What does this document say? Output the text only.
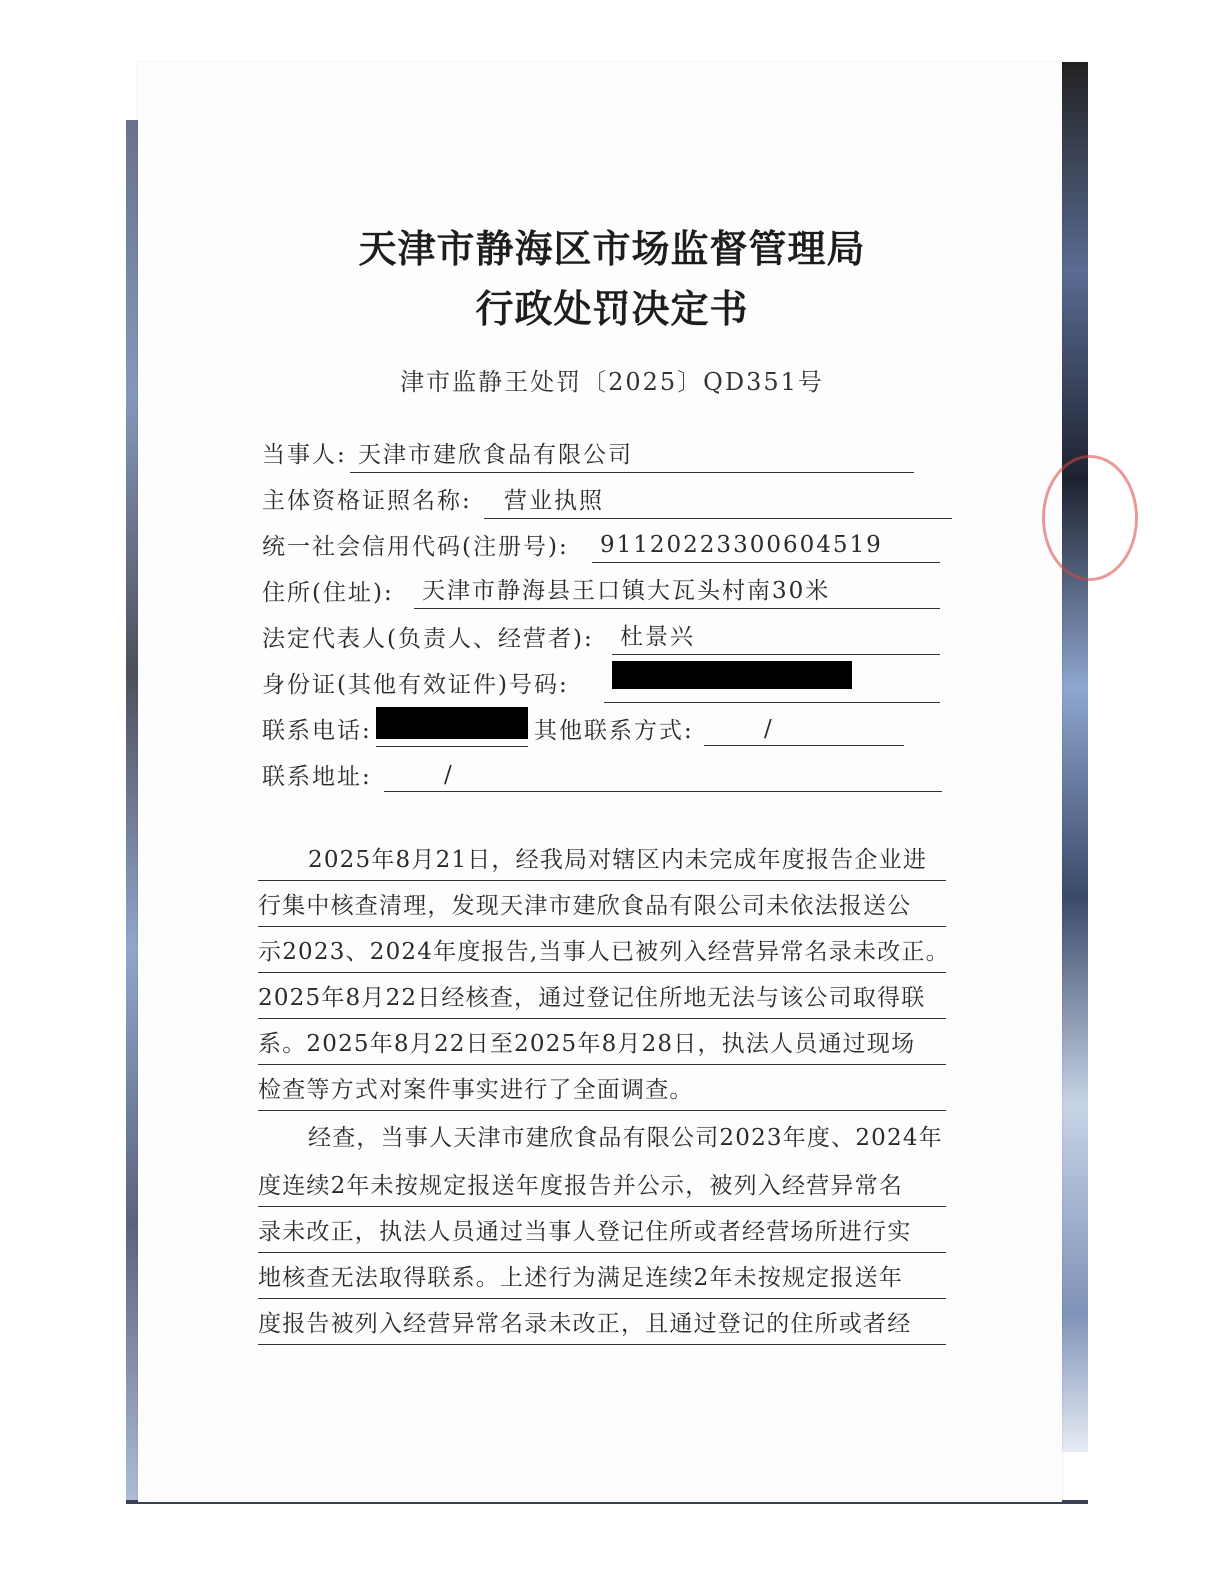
天津市静海区市场监督管理局
行政处罚决定书
津市监静王处罚〔2025〕QD351号
当事人: 天津市建欣食品有限公司
主体资格证照名称:	营业执照
统一社会信用代码(注册号):	91120223300604519
住所(住址):	天津市静海县王口镇大瓦头村南30米
法定代表人(负责人、经营者):	杜景兴
身份证(其他有效证件)号码:
联系电话:	其他联系方式:	/
联系地址:	/
2025年8月21日，经我局对辖区内未完成年度报告企业进
行集中核查清理，发现天津市建欣食品有限公司未依法报送公
示2023、2024年度报告,当事人已被列入经营异常名录未改正。
2025年8月22日经核查，通过登记住所地无法与该公司取得联
系。2025年8月22日至2025年8月28日，执法人员通过现场
检查等方式对案件事实进行了全面调查。
经查，当事人天津市建欣食品有限公司2023年度、2024年
度连续2年未按规定报送年度报告并公示，被列入经营异常名
录未改正，执法人员通过当事人登记住所或者经营场所进行实
地核查无法取得联系。上述行为满足连续2年未按规定报送年
度报告被列入经营异常名录未改正，且通过登记的住所或者经
